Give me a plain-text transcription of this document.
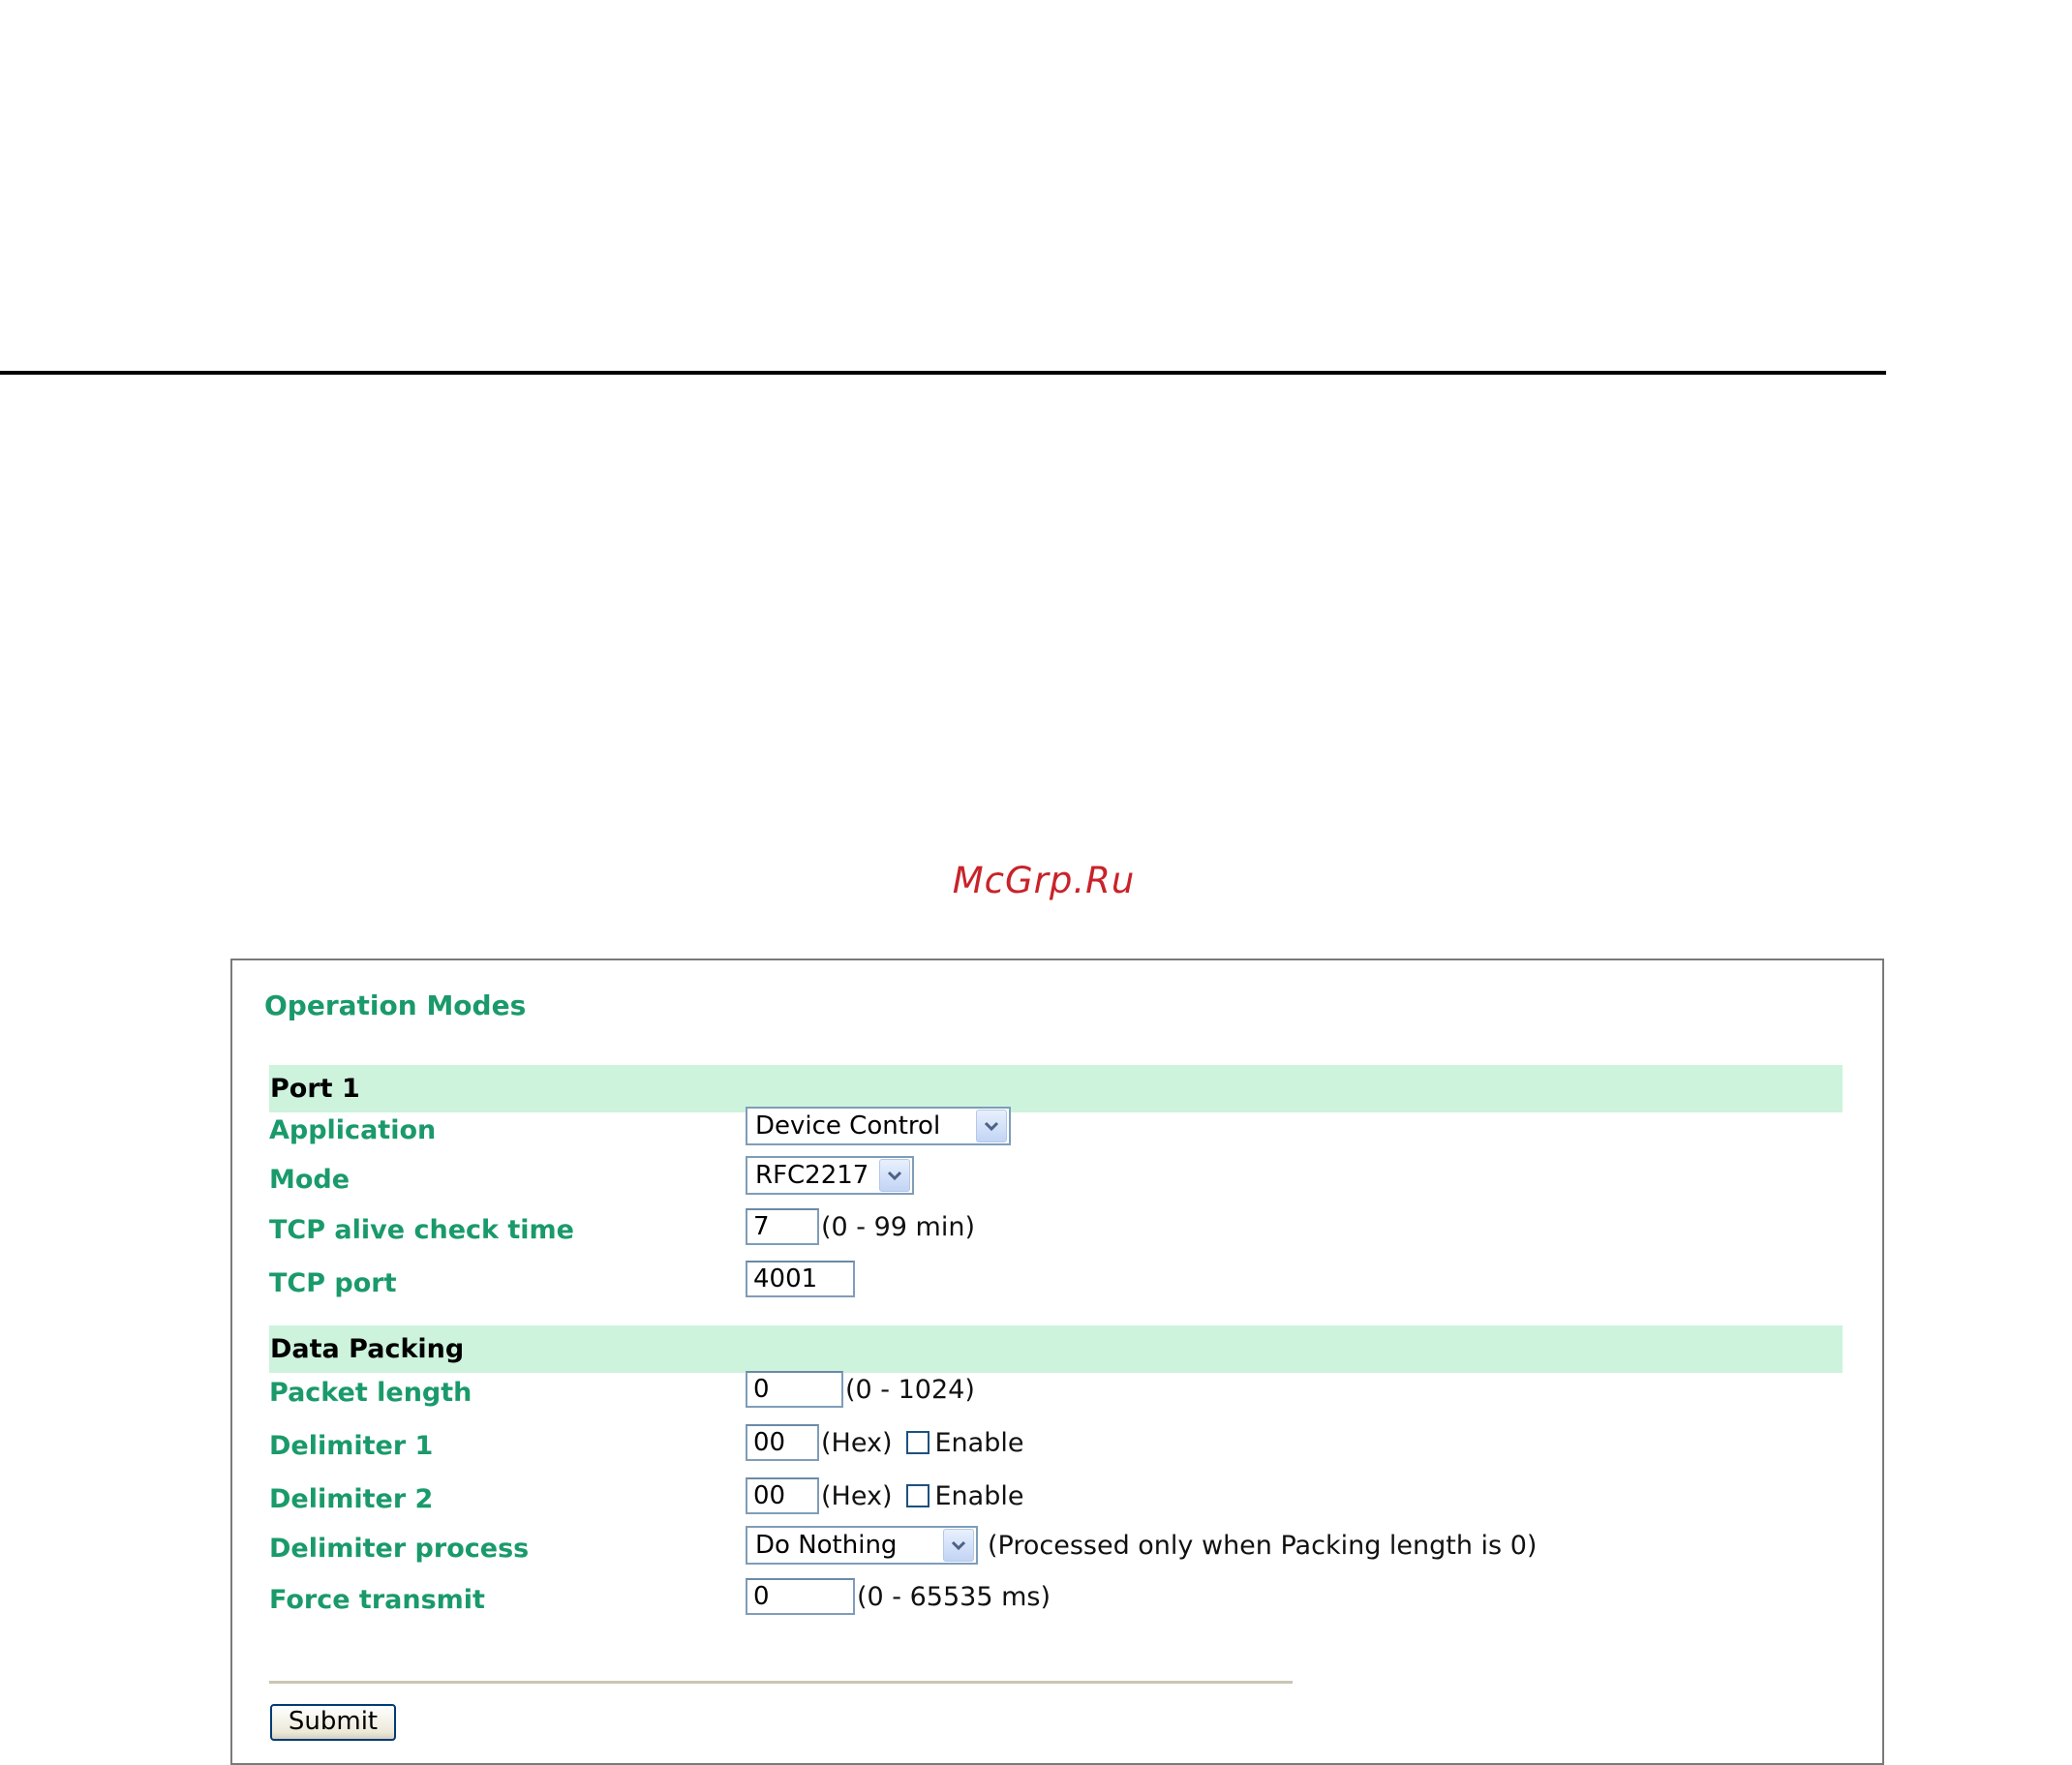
McGrp.Ru
Operation Modes
Port 1
Application	Device Control
Mode	RFC2217
TCP alive check time	7	(0 - 99 min)
TCP port	4001
Data Packing
Packet length	0	(0 - 1024)
Delimiter 1	00	(Hex) Enable
Delimiter 2	00	(Hex) Enable
Delimiter process	Do Nothing	(Processed only when Packing length is 0)
Force transmit	0	(0 - 65535 ms)
Submit
